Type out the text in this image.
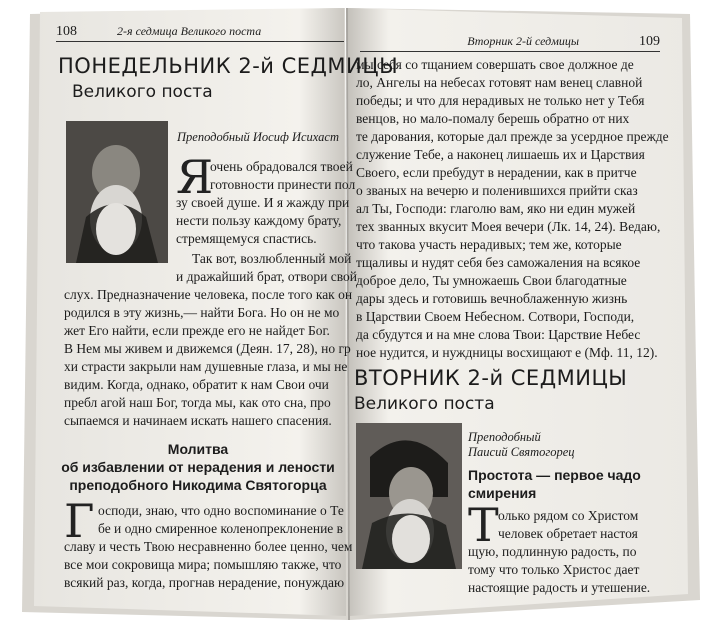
108	2-я седмица Великого поста
ПОНЕДЕЛЬНИК 2-й СЕДМИЦЫ
Великого поста
Преподобный Иосиф Исихаст
Я
очень обрадовался твоей
готовности принести пол
зу своей душе. И я жажду при
нести пользу каждому брату,
стремящемуся спастись.
Так вот, возлюбленный мой
и дражайший брат, отвори свой
слух. Предназначение человека, после того как он
родился в эту жизнь,— найти Бога. Но он не мо
жет Его найти, если прежде его не найдет Бог.
В Нем мы живем и движемся (Деян. 17, 28), но гр
хи страсти закрыли нам душевные глаза, и мы не
видим. Когда, однако, обратит к нам Свои очи
пребл агой наш Бог, тогда мы, как ото сна, про
сыпаемся и начинаем искать нашего спасения.
Молитва
об избавлении от нерадения и лености
преподобного Никодима Святогорца
Г осподи, знаю, что одно воспоминание о Те
бе и одно смиренное коленопреклонение в
славу и честь Твою несравненно более ценно, чем
все мои сокровища мира; помышляю также, что
всякий раз, когда, прогнав нерадение, понуждаю
Вторник 2-й седмицы	109
мы себя со тщанием совершать свое должное де
ло, Ангелы на небесах готовят нам венец славной
победы; и что для нерадивых не только нет у Тебя
венцов, но мало-помалу берешь обратно от них
те дарования, которые дал прежде за усердное прежде
служение Тебе, а наконец лишаешь их и Царствия
Своего, если пребудут в нерадении, как в притче
о званых на вечерю и поленившихся прийти сказ
ал Ты, Господи: глаголю вам, яко ни един мужей
тех званных вкусит Моея вечери (Лк. 14, 24). Ведаю,
что такова участь нерадивых; тем же, которые
тщаливы и нудят себя без саможаления на всякое
доброе дело, Ты умножаешь Свои благодатные
дары здесь и готовишь вечноблаженную жизнь
в Царствии Своем Небесном. Сотвори, Господи,
да сбудутся и на мне слова Твои: Царствие Небес
ное нудится, и нуждницы восхищают е (Мф. 11, 12).
ВТОРНИК 2-й СЕДМИЦЫ
Великого поста
Преподобный
Паисий Святогорец
Простота — первое чадо
смирения
Т олько рядом со Христом
человек обретает настоя
щую, подлинную радость, по
тому что только Христос дает
настоящие радость и утешение.
